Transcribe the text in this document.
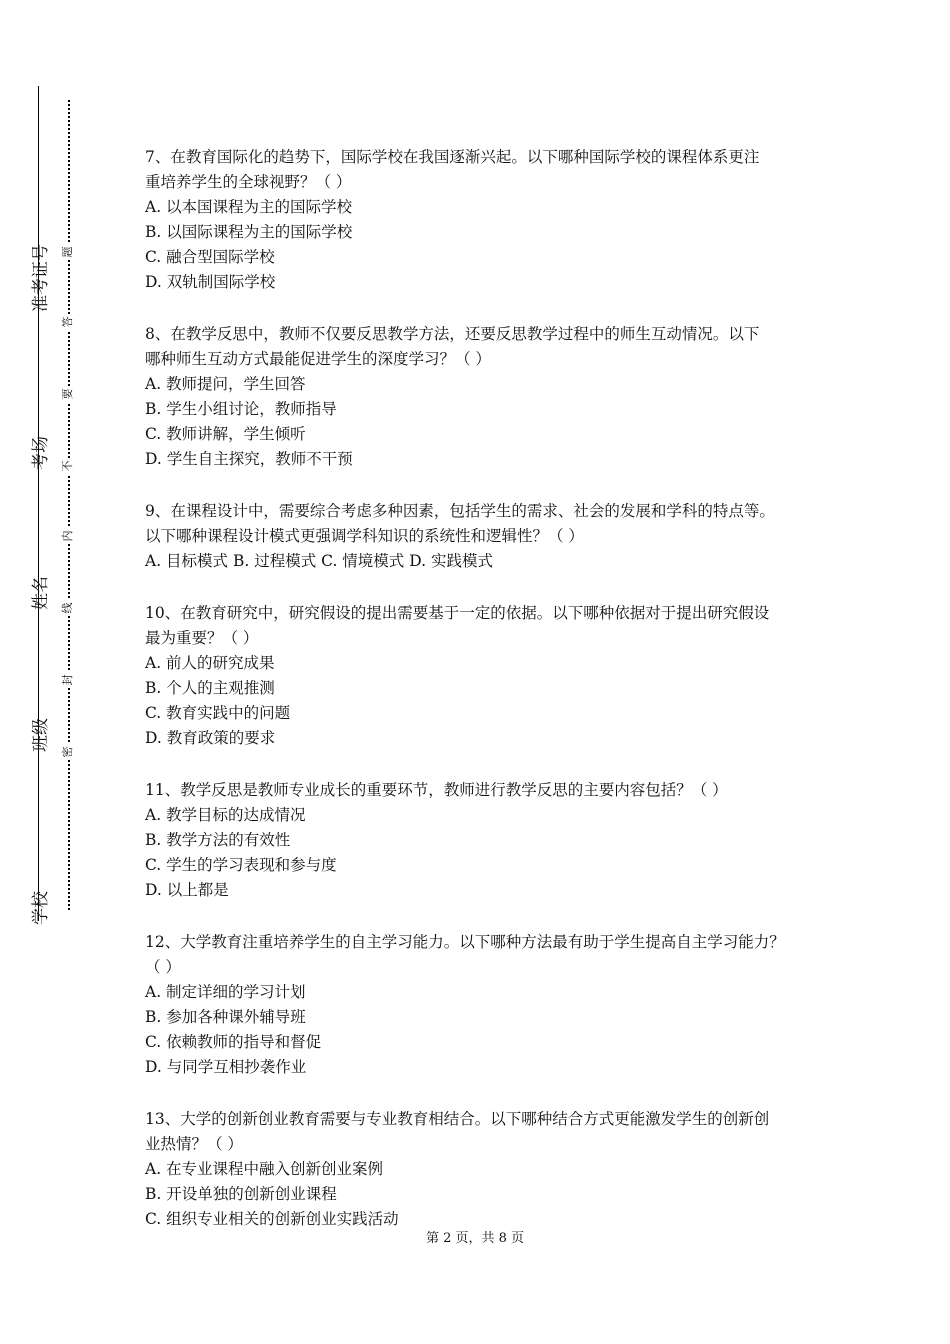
准考证号
考场
姓名
班级
学校
题
答
要
不
内
线
封
密

7、在教育国际化的趋势下，国际学校在我国逐渐兴起。以下哪种国际学校的课程体系更注

重培养学生的全球视野？（ ）

A. 以本国课程为主的国际学校

B. 以国际课程为主的国际学校

C. 融合型国际学校

D. 双轨制国际学校

8、在教学反思中，教师不仅要反思教学方法，还要反思教学过程中的师生互动情况。以下

哪种师生互动方式最能促进学生的深度学习？（ ）

A. 教师提问，学生回答

B. 学生小组讨论，教师指导

C. 教师讲解，学生倾听

D. 学生自主探究，教师不干预

9、在课程设计中，需要综合考虑多种因素，包括学生的需求、社会的发展和学科的特点等。

以下哪种课程设计模式更强调学科知识的系统性和逻辑性？（ ）

A. 目标模式 B. 过程模式 C. 情境模式 D. 实践模式

10、在教育研究中，研究假设的提出需要基于一定的依据。以下哪种依据对于提出研究假设

最为重要？（ ）

A. 前人的研究成果

B. 个人的主观推测

C. 教育实践中的问题

D. 教育政策的要求

11、教学反思是教师专业成长的重要环节，教师进行教学反思的主要内容包括？（ ）

A. 教学目标的达成情况

B. 教学方法的有效性

C. 学生的学习表现和参与度

D. 以上都是

12、大学教育注重培养学生的自主学习能力。以下哪种方法最有助于学生提高自主学习能力？

（ ）

A. 制定详细的学习计划

B. 参加各种课外辅导班

C. 依赖教师的指导和督促

D. 与同学互相抄袭作业

13、大学的创新创业教育需要与专业教育相结合。以下哪种结合方式更能激发学生的创新创

业热情？（ ）

A. 在专业课程中融入创新创业案例

B. 开设单独的创新创业课程

C. 组织专业相关的创新创业实践活动

第 2 页，共 8 页
